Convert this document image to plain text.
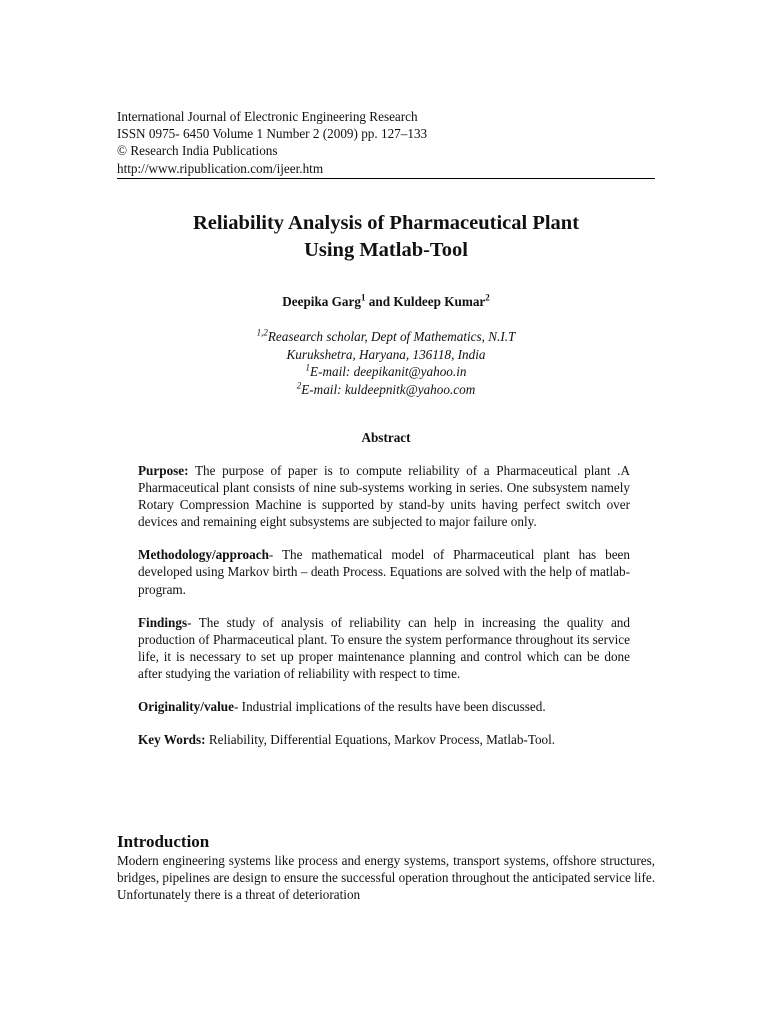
International Journal of Electronic Engineering Research
ISSN 0975- 6450 Volume 1 Number 2 (2009) pp. 127–133
© Research India Publications
http://www.ripublication.com/ijeer.htm
Reliability Analysis of Pharmaceutical Plant
Using Matlab-Tool
Deepika Garg$^1$ and Kuldeep Kumar$^2$
$^{1,2}$Reasearch scholar, Dept of Mathematics, N.I.T
Kurukshetra, Haryana, 136118, India
$^1$E-mail: deepikanit@yahoo.in
$^2$E-mail: kuldeepnitk@yahoo.com
Abstract

Purpose: The purpose of paper is to compute reliability of a Pharmaceutical plant .A Pharmaceutical plant consists of nine sub-systems working in series. One subsystem namely Rotary Compression Machine is supported by stand-by units having perfect switch over devices and remaining eight subsystems are subjected to major failure only.

Methodology/approach- The mathematical model of Pharmaceutical plant has been developed using Markov birth – death Process. Equations are solved with the help of matlab-program.

Findings- The study of analysis of reliability can help in increasing the quality and production of Pharmaceutical plant. To ensure the system performance throughout its service life, it is necessary to set up proper maintenance planning and control which can be done after studying the variation of reliability with respect to time.

Originality/value- Industrial implications of the results have been discussed.

Key Words: Reliability, Differential Equations, Markov Process, Matlab-Tool.

Introduction
Modern engineering systems like process and energy systems, transport systems, offshore structures, bridges, pipelines are design to ensure the successful operation throughout the anticipated service life. Unfortunately there is a threat of deterioration
